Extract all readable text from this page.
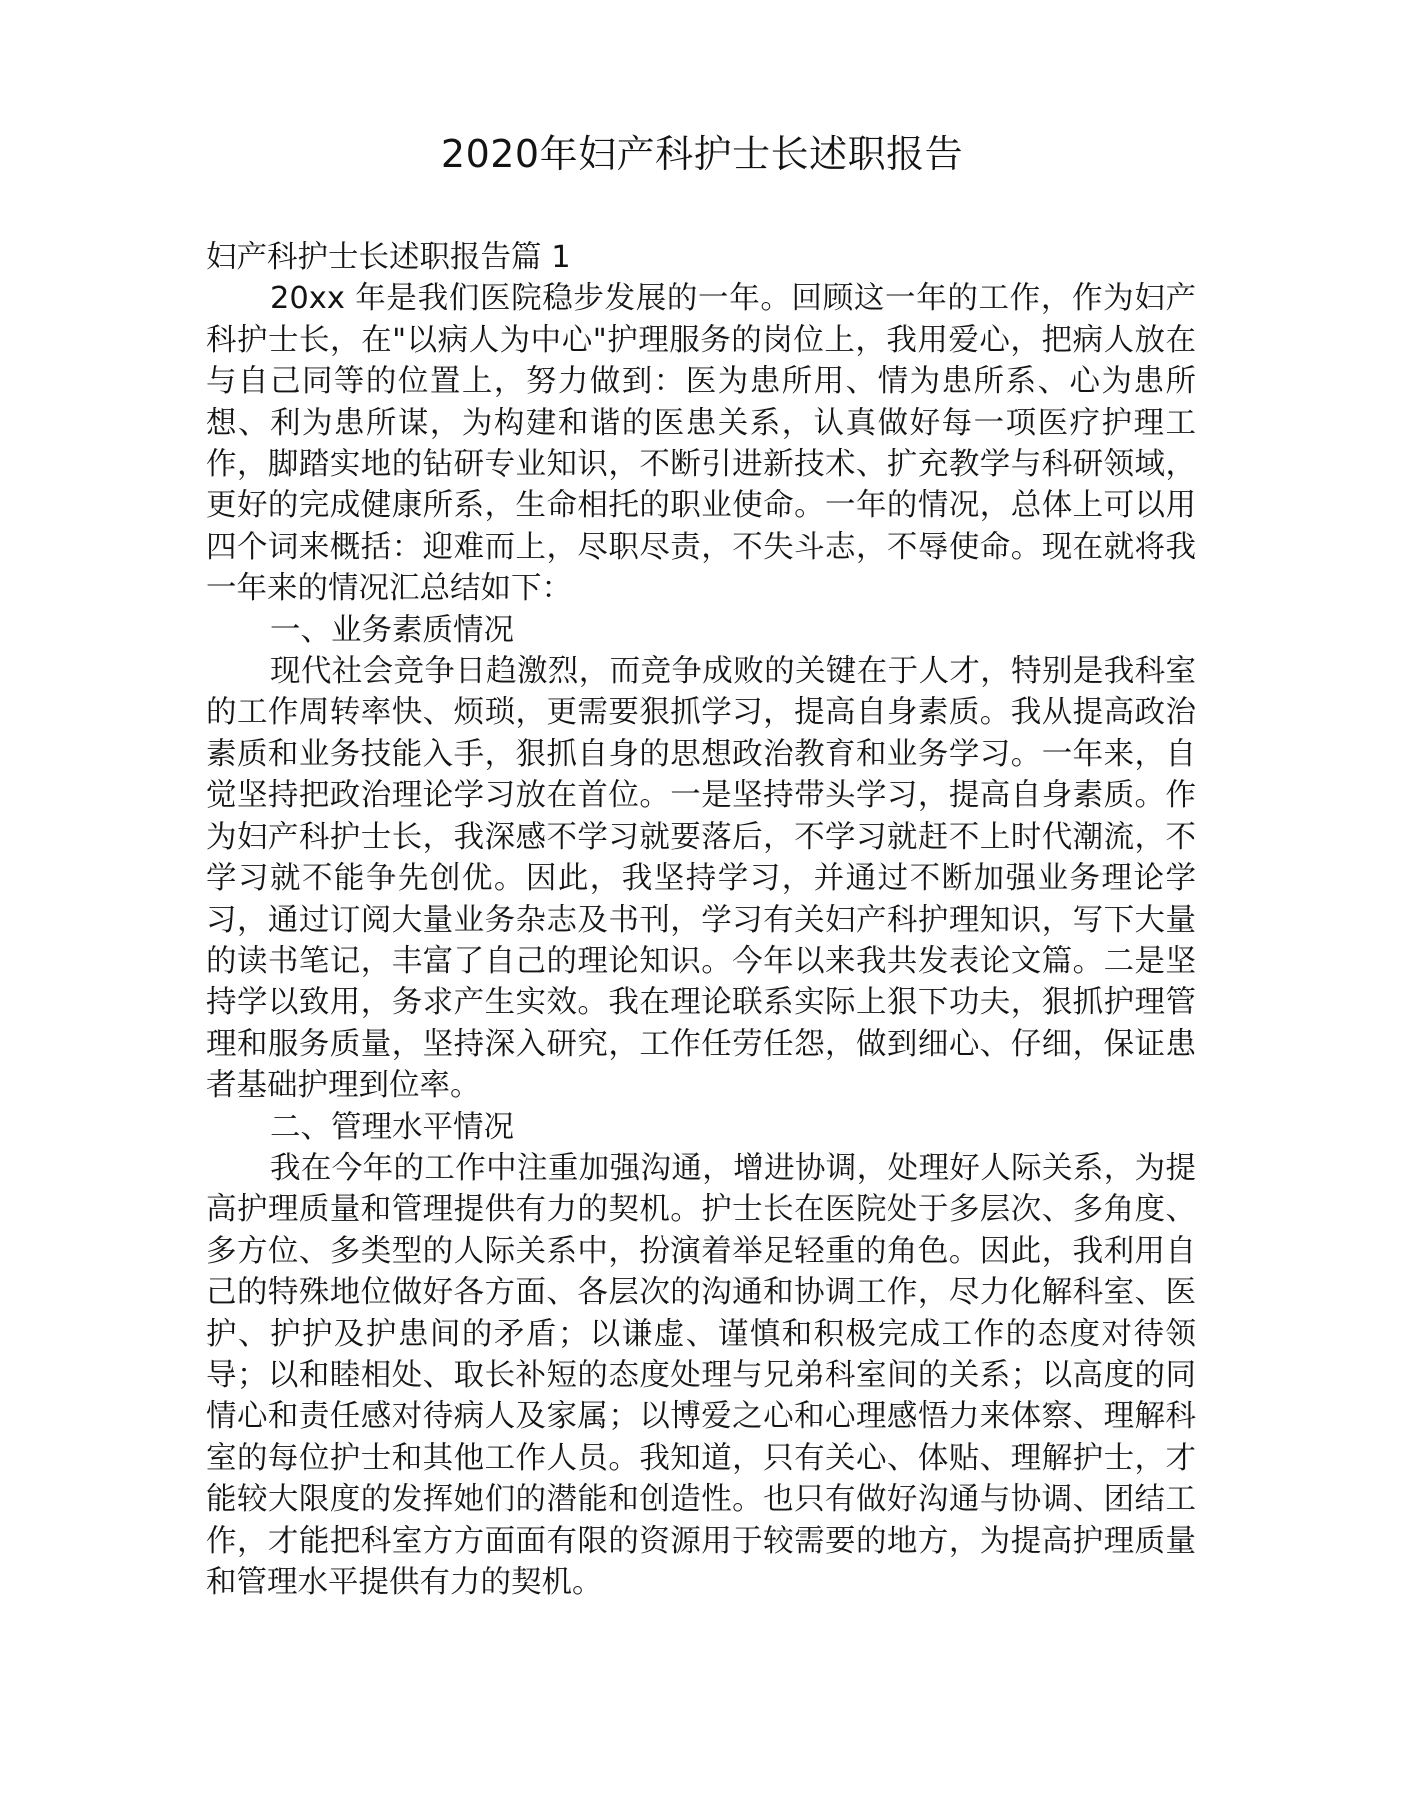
2020年妇产科护士长述职报告

妇产科护士长述职报告篇 1

20xx 年是我们医院稳步发展的一年。回顾这一年的工作，作为妇产科护士长，在"以病人为中心"护理服务的岗位上，我用爱心，把病人放在与自己同等的位置上，努力做到：医为患所用、情为患所系、心为患所想、利为患所谋，为构建和谐的医患关系，认真做好每一项医疗护理工作，脚踏实地的钻研专业知识，不断引进新技术、扩充教学与科研领域，更好的完成健康所系，生命相托的职业使命。一年的情况，总体上可以用四个词来概括：迎难而上，尽职尽责，不失斗志，不辱使命。现在就将我一年来的情况汇总结如下：

一、业务素质情况

现代社会竞争日趋激烈，而竞争成败的关键在于人才，特别是我科室的工作周转率快、烦琐，更需要狠抓学习，提高自身素质。我从提高政治素质和业务技能入手，狠抓自身的思想政治教育和业务学习。一年来，自觉坚持把政治理论学习放在首位。一是坚持带头学习，提高自身素质。作为妇产科护士长，我深感不学习就要落后，不学习就赶不上时代潮流，不学习就不能争先创优。因此，我坚持学习，并通过不断加强业务理论学习，通过订阅大量业务杂志及书刊，学习有关妇产科护理知识，写下大量的读书笔记，丰富了自己的理论知识。今年以来我共发表论文篇。二是坚持学以致用，务求产生实效。我在理论联系实际上狠下功夫，狠抓护理管理和服务质量，坚持深入研究，工作任劳任怨，做到细心、仔细，保证患者基础护理到位率。

二、管理水平情况

我在今年的工作中注重加强沟通，增进协调，处理好人际关系，为提高护理质量和管理提供有力的契机。护士长在医院处于多层次、多角度、多方位、多类型的人际关系中，扮演着举足轻重的角色。因此，我利用自己的特殊地位做好各方面、各层次的沟通和协调工作，尽力化解科室、医护、护护及护患间的矛盾；以谦虚、谨慎和积极完成工作的态度对待领导；以和睦相处、取长补短的态度处理与兄弟科室间的关系；以高度的同情心和责任感对待病人及家属；以博爱之心和心理感悟力来体察、理解科室的每位护士和其他工作人员。我知道，只有关心、体贴、理解护士，才能较大限度的发挥她们的潜能和创造性。也只有做好沟通与协调、团结工作，才能把科室方方面面有限的资源用于较需要的地方，为提高护理质量和管理水平提供有力的契机。
